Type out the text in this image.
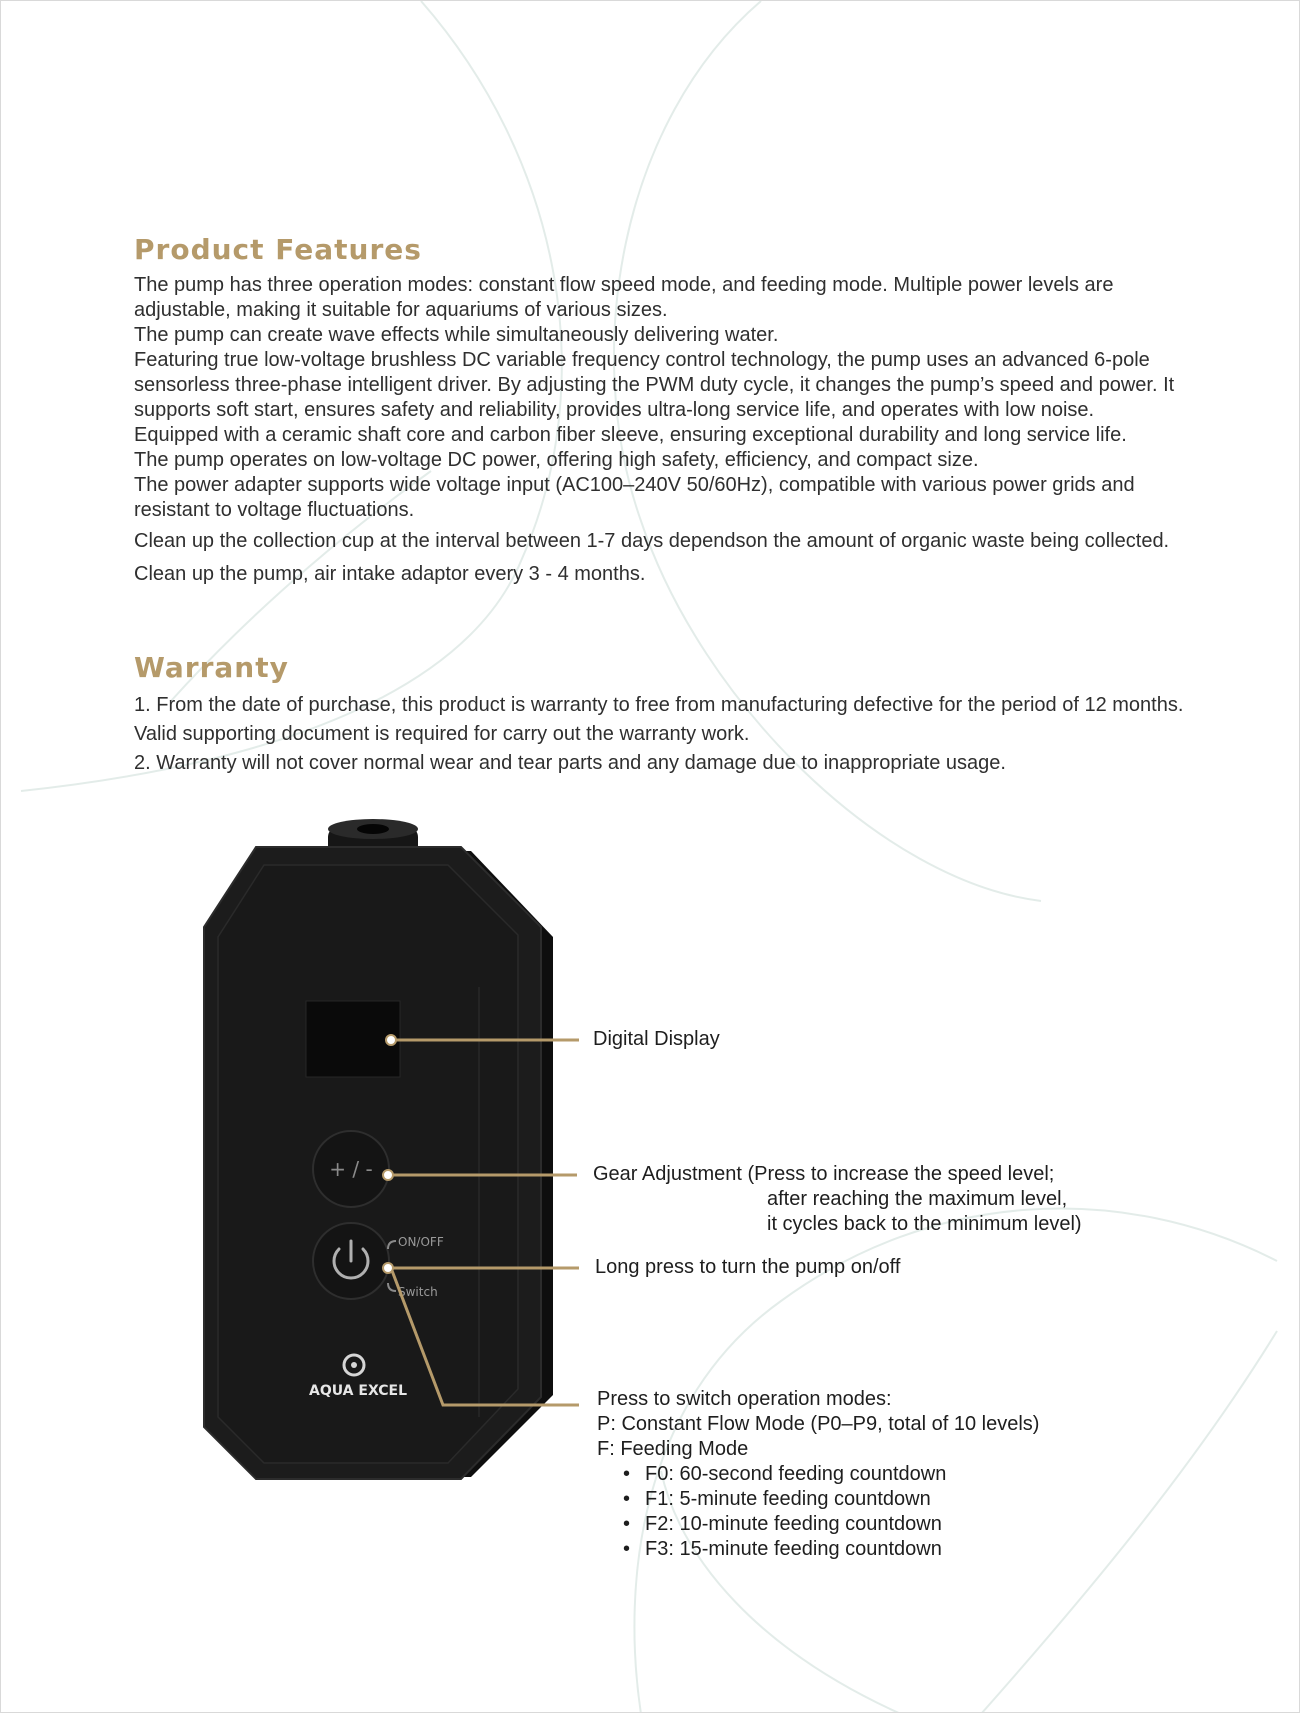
Product Features

The pump has three operation modes: constant flow speed mode, and feeding mode. Multiple power levels are adjustable, making it suitable for aquariums of various sizes.

The pump can create wave effects while simultaneously delivering water.

Featuring true low-voltage brushless DC variable frequency control technology, the pump uses an advanced 6-pole sensorless three-phase intelligent driver. By adjusting the PWM duty cycle, it changes the pump’s speed and power. It supports soft start, ensures safety and reliability, provides ultra-long service life, and operates with low noise.

Equipped with a ceramic shaft core and carbon fiber sleeve, ensuring exceptional durability and long service life.

The pump operates on low-voltage DC power, offering high safety, efficiency, and compact size.

The power adapter supports wide voltage input (AC100–240V 50/60Hz), compatible with various power grids and resistant to voltage fluctuations.

Clean up the collection cup at the interval between 1-7 days dependson the amount of organic waste being collected.

Clean up the pump, air intake adaptor every 3 - 4 months.

Warranty

1. From the date of purchase, this product is warranty to free from manufacturing defective for the period of 12 months. Valid supporting document is required for carry out the warranty work.

2. Warranty will not cover normal wear and tear parts and any damage due to inappropriate usage.

+ / -
ON/OFF
Switch
AQUA EXCEL

Digital Display

Gear Adjustment (Press to increase the speed level;

after reaching the maximum level,

it cycles back to the minimum level)

Long press to turn the pump on/off

Press to switch operation modes:

P: Constant Flow Mode (P0–P9, total of 10 levels)

F: Feeding Mode

• F0: 60-second feeding countdown
• F1: 5-minute feeding countdown
• F2: 10-minute feeding countdown
• F3: 15-minute feeding countdown
